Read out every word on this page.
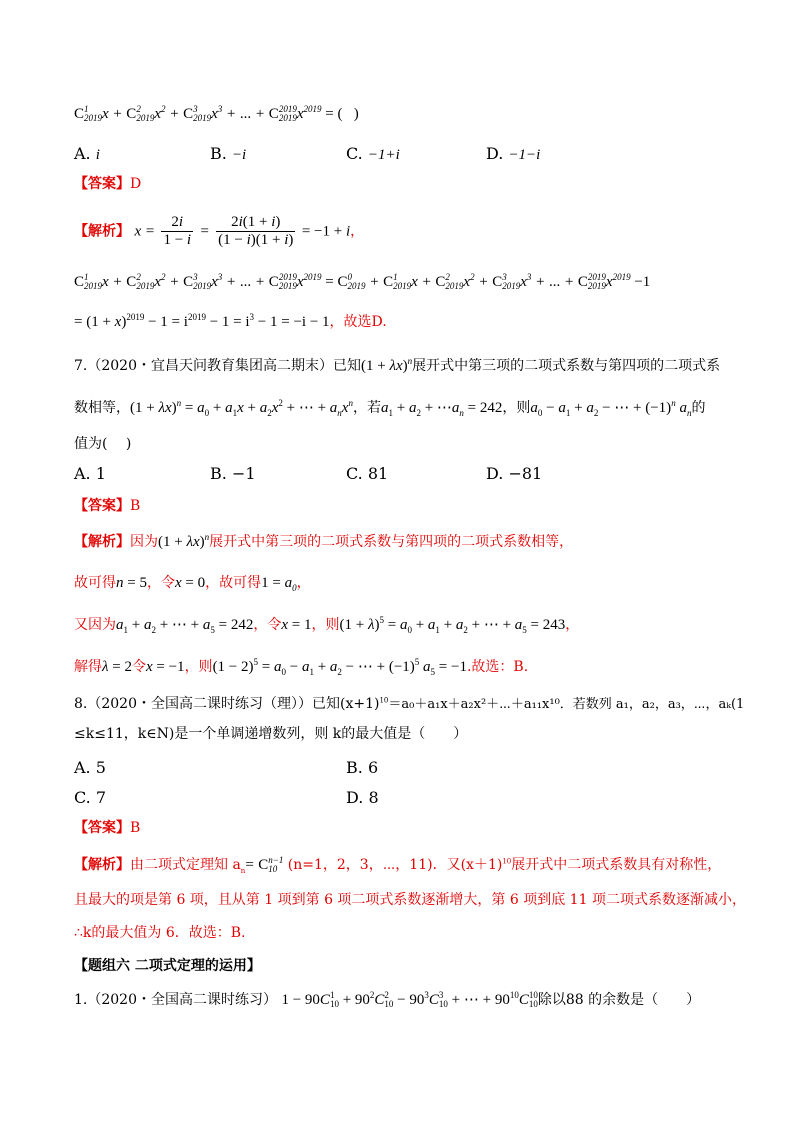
C 1
2019 x + C 2
2019 $x^2 + C$ 3
2019 $x^3$ + ... + C 2019
2019 $x^{2019}$ = (   )
A. i	B. −i	C. −1+i	D. −1−i
【答案】D
【解析】 $x = \frac{2i}{1 - i} = \frac{2i(1 + i)}{(1 - i)(1 + i)} = -1 + i$，
C 1
2019 x + C 2
2019 $x^2 + C$ 3
2019 $x^3$ + ... + C 2019
2019 $x^{2019} = C$ 0
2019 + C 1
2019 x + C 2
2019 $x^2 + C$ 3
2019 $x^3$ + ... + C 2019
2019 $x^{2019} -1$
= $(1 + x)^{2019} - 1 = i^{2019} - 1 = i^3 - 1 = -i - 1$，故选D.
7.（2020・宜昌天问教育集团高二期末）已知$(1 + \lambda x)^n$展开式中第三项的二项式系数与第四项的二项式系
数相等，$(1 + \lambda x)^n = a_0 + a_1x + a_2x^2$ + ⋯ + $a_nx^n$，若$a_1 + a_2$ + $\cdots a_n = 242$，则$a_0 - a_1 + a_2$ − ⋯ + $(-1)^n$ $a_n$的
值为(　 )
A. 1	B. −1	C. 81	D. −81
【答案】B
【解析】因为$(1 + \lambda x)^n$展开式中第三项的二项式系数与第四项的二项式系数相等，
故可得n = 5，令x = 0，故可得$1 = a_0$，
又因为$a_1 + a_2$ + ⋯ + $a_5 = 242$，令x = 1，则$(1 + \lambda)^5 = a_0 + a_1 + a_2$ + ⋯ + $a_5 = 243$，
解得λ = 2令x = −1，则$(1 - 2)^5 = a_0 - a_1 + a_2$ − ⋯ + $(-1)^5$ $a_5 = -1$.故选：B.
8.（2020・全国高二课时练习（理））已知$(x+1)^{10}=a_0+a_1x+a_2x^2+\cdots+a_{11}x^{10}$．若数列 a₁，a₂，a₃，⋯，aₖ(1
≤k≤11，k∈N)是一个单调递增数列，则 k的最大值是（　　）
A. 5	B. 6
C. 7	D. 8
【答案】B
【解析】由二项式定理知 $a_n= C$ n−1
10 (n=1，2，3，⋯，11)．又$(x+1)^{10}$展开式中二项式系数具有对称性，
且最大的项是第 6 项，且从第 1 项到第 6 项二项式系数逐渐增大，第 6 项到底 11 项二项式系数逐渐减小，
∴k的最大值为 6．故选：B.
【题组六 二项式定理的运用】
1.（2020・全国高二课时练习） 1 − 90C 1
$10 + 90^2C$ 2
$10 - 90^3C$ 3
10 + ⋯ + $90^{10}C$ 10
10 除以88 的余数是（　　）
